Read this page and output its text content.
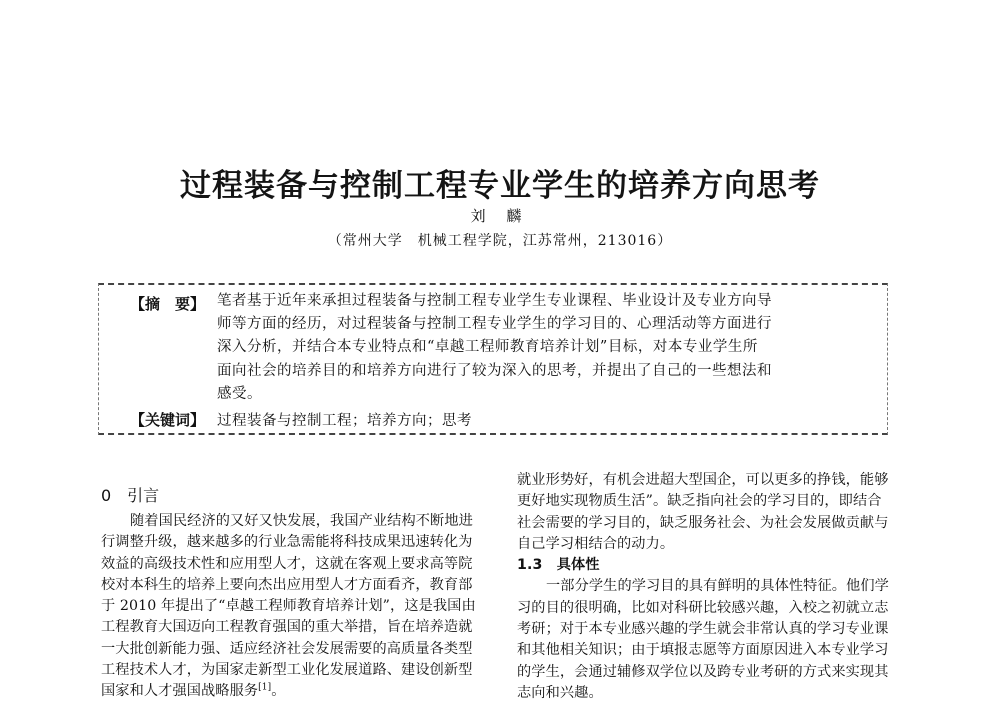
过程装备与控制工程专业学生的培养方向思考
刘 麟
（常州大学　机械工程学院，江苏常州，213016）
【摘　要】 笔者基于近年来承担过程装备与控制工程专业学生专业课程、毕业设计及专业方向导
师等方面的经历，对过程装备与控制工程专业学生的学习目的、心理活动等方面进行
深入分析，并结合本专业特点和“卓越工程师教育培养计划”目标，对本专业学生所
面向社会的培养目的和培养方向进行了较为深入的思考，并提出了自己的一些想法和
感受。
【关键词】 过程装备与控制工程；培养方向；思考
0　引言
随着国民经济的又好又快发展，我国产业结构不断地进
行调整升级，越来越多的行业急需能将科技成果迅速转化为
效益的高级技术性和应用型人才，这就在客观上要求高等院
校对本科生的培养上要向杰出应用型人才方面看齐，教育部
于 2010 年提出了“卓越工程师教育培养计划”，这是我国由
工程教育大国迈向工程教育强国的重大举措，旨在培养造就
一大批创新能力强、适应经济社会发展需要的高质量各类型
工程技术人才，为国家走新型工业化发展道路、建设创新型
国家和人才强国战略服务[1]。
就业形势好，有机会进超大型国企，可以更多的挣钱，能够
更好地实现物质生活”。缺乏指向社会的学习目的，即结合
社会需要的学习目的，缺乏服务社会、为社会发展做贡献与
自己学习相结合的动力。
1.3　具体性
一部分学生的学习目的具有鲜明的具体性特征。他们学
习的目的很明确，比如对科研比较感兴趣，入校之初就立志
考研；对于本专业感兴趣的学生就会非常认真的学习专业课
和其他相关知识；由于填报志愿等方面原因进入本专业学习
的学生，会通过辅修双学位以及跨专业考研的方式来实现其
志向和兴趣。
